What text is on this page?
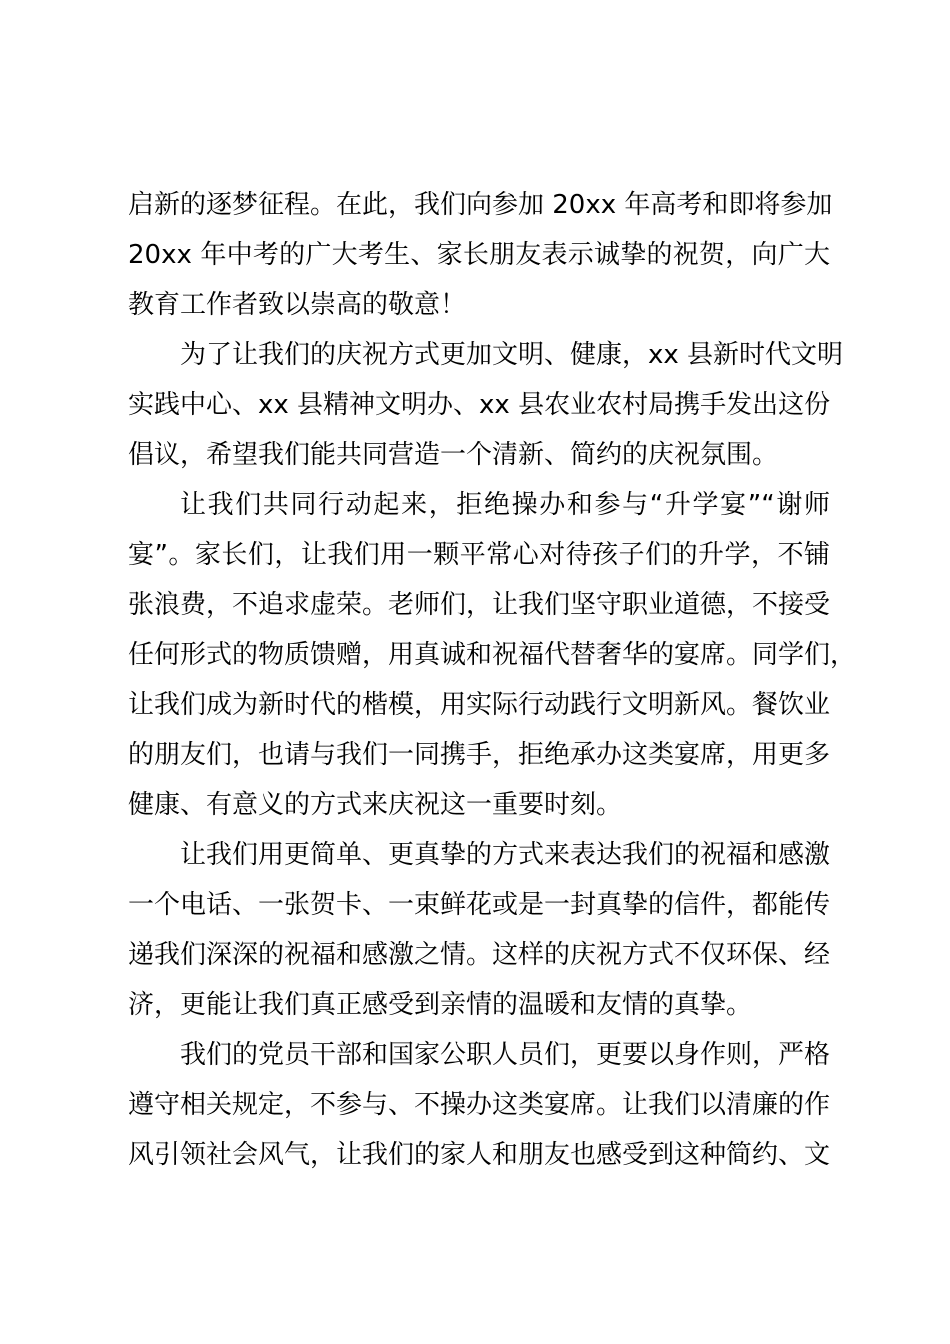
启新的逐梦征程。在此，我们向参加 20xx 年高考和即将参加
20xx 年中考的广大考生、家长朋友表示诚挚的祝贺，向广大
教育工作者致以崇高的敬意！
为了让我们的庆祝方式更加文明、健康，xx 县新时代文明
实践中心、xx 县精神文明办、xx 县农业农村局携手发出这份
倡议，希望我们能共同营造一个清新、简约的庆祝氛围。
让我们共同行动起来，拒绝操办和参与“升学宴”“谢师
宴”。家长们，让我们用一颗平常心对待孩子们的升学，不铺
张浪费，不追求虚荣。老师们，让我们坚守职业道德，不接受
任何形式的物质馈赠，用真诚和祝福代替奢华的宴席。同学们，
让我们成为新时代的楷模，用实际行动践行文明新风。餐饮业
的朋友们，也请与我们一同携手，拒绝承办这类宴席，用更多
健康、有意义的方式来庆祝这一重要时刻。
让我们用更简单、更真挚的方式来表达我们的祝福和感激
一个电话、一张贺卡、一束鲜花或是一封真挚的信件，都能传
递我们深深的祝福和感激之情。这样的庆祝方式不仅环保、经
济，更能让我们真正感受到亲情的温暖和友情的真挚。
我们的党员干部和国家公职人员们，更要以身作则，严格
遵守相关规定，不参与、不操办这类宴席。让我们以清廉的作
风引领社会风气，让我们的家人和朋友也感受到这种简约、文
